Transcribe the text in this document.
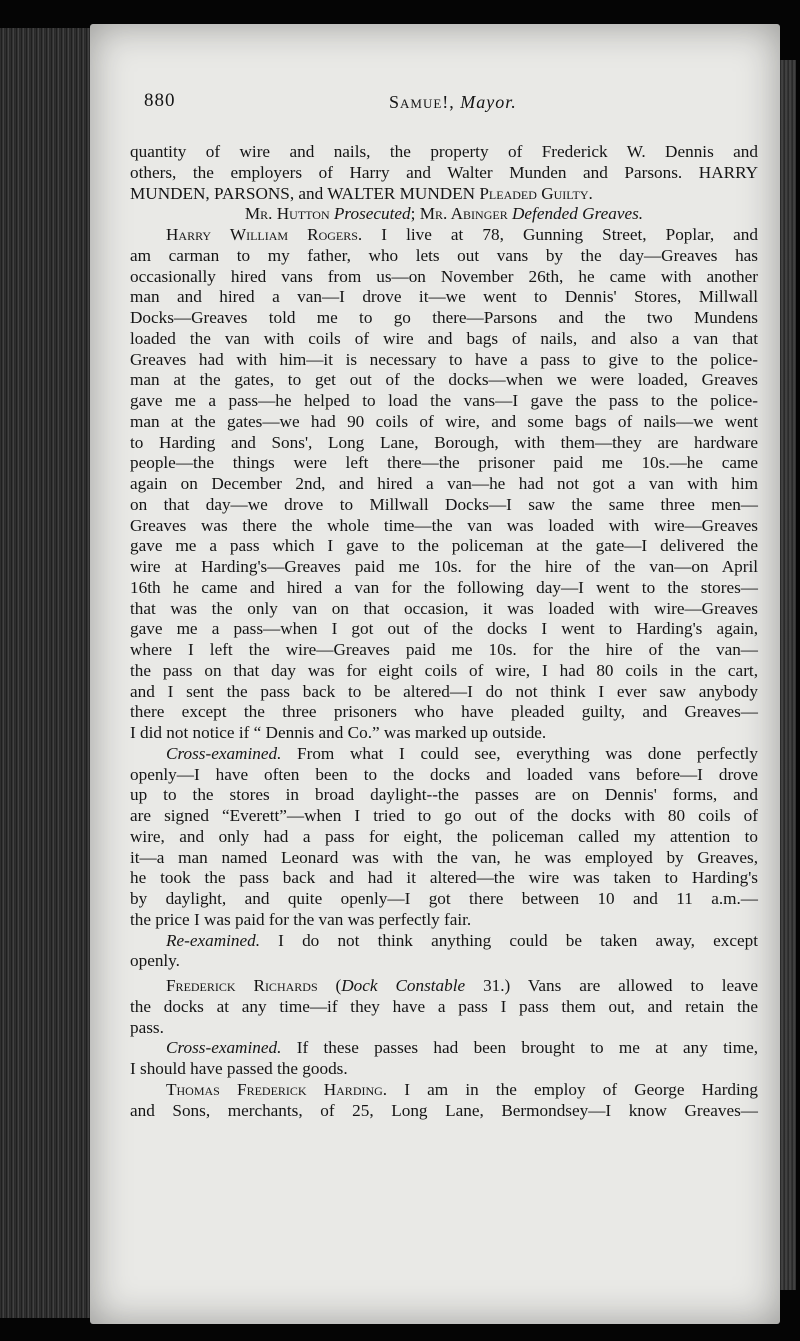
880	Samue!, Mayor.
quantity of wire and nails, the property of Frederick W. Dennis and
others, the employers of Harry and Walter Munden and Parsons. HARRY
MUNDEN, PARSONS, and WALTER MUNDEN Pleaded Guilty.
Mr. Hutton Prosecuted; Mr. Abinger Defended Greaves.
Harry William Rogers. I live at 78, Gunning Street, Poplar, and
am carman to my father, who lets out vans by the day—Greaves has
occasionally hired vans from us—on November 26th, he came with another
man and hired a van—I drove it—we went to Dennis' Stores, Millwall
Docks—Greaves told me to go there—Parsons and the two Mundens
loaded the van with coils of wire and bags of nails, and also a van that
Greaves had with him—it is necessary to have a pass to give to the police-
man at the gates, to get out of the docks—when we were loaded, Greaves
gave me a pass—he helped to load the vans—I gave the pass to the police-
man at the gates—we had 90 coils of wire, and some bags of nails—we went
to Harding and Sons', Long Lane, Borough, with them—they are hardware
people—the things were left there—the prisoner paid me 10s.—he came
again on December 2nd, and hired a van—he had not got a van with him
on that day—we drove to Millwall Docks—I saw the same three men—
Greaves was there the whole time—the van was loaded with wire—Greaves
gave me a pass which I gave to the policeman at the gate—I delivered the
wire at Harding's—Greaves paid me 10s. for the hire of the van—on April
16th he came and hired a van for the following day—I went to the stores—
that was the only van on that occasion, it was loaded with wire—Greaves
gave me a pass—when I got out of the docks I went to Harding's again,
where I left the wire—Greaves paid me 10s. for the hire of the van—
the pass on that day was for eight coils of wire, I had 80 coils in the cart,
and I sent the pass back to be altered—I do not think I ever saw anybody
there except the three prisoners who have pleaded guilty, and Greaves—
I did not notice if “ Dennis and Co.” was marked up outside.
Cross-examined. From what I could see, everything was done perfectly
openly—I have often been to the docks and loaded vans before—I drove
up to the stores in broad daylight--the passes are on Dennis' forms, and
are signed “Everett”—when I tried to go out of the docks with 80 coils of
wire, and only had a pass for eight, the policeman called my attention to
it—a man named Leonard was with the van, he was employed by Greaves,
he took the pass back and had it altered—the wire was taken to Harding's
by daylight, and quite openly—I got there between 10 and 11 a.m.—
the price I was paid for the van was perfectly fair.
Re-examined. I do not think anything could be taken away, except
openly.
Frederick Richards (Dock Constable 31.) Vans are allowed to leave
the docks at any time—if they have a pass I pass them out, and retain the
pass.
Cross-examined. If these passes had been brought to me at any time,
I should have passed the goods.
Thomas Frederick Harding. I am in the employ of George Harding
and Sons, merchants, of 25, Long Lane, Bermondsey—I know Greaves—
